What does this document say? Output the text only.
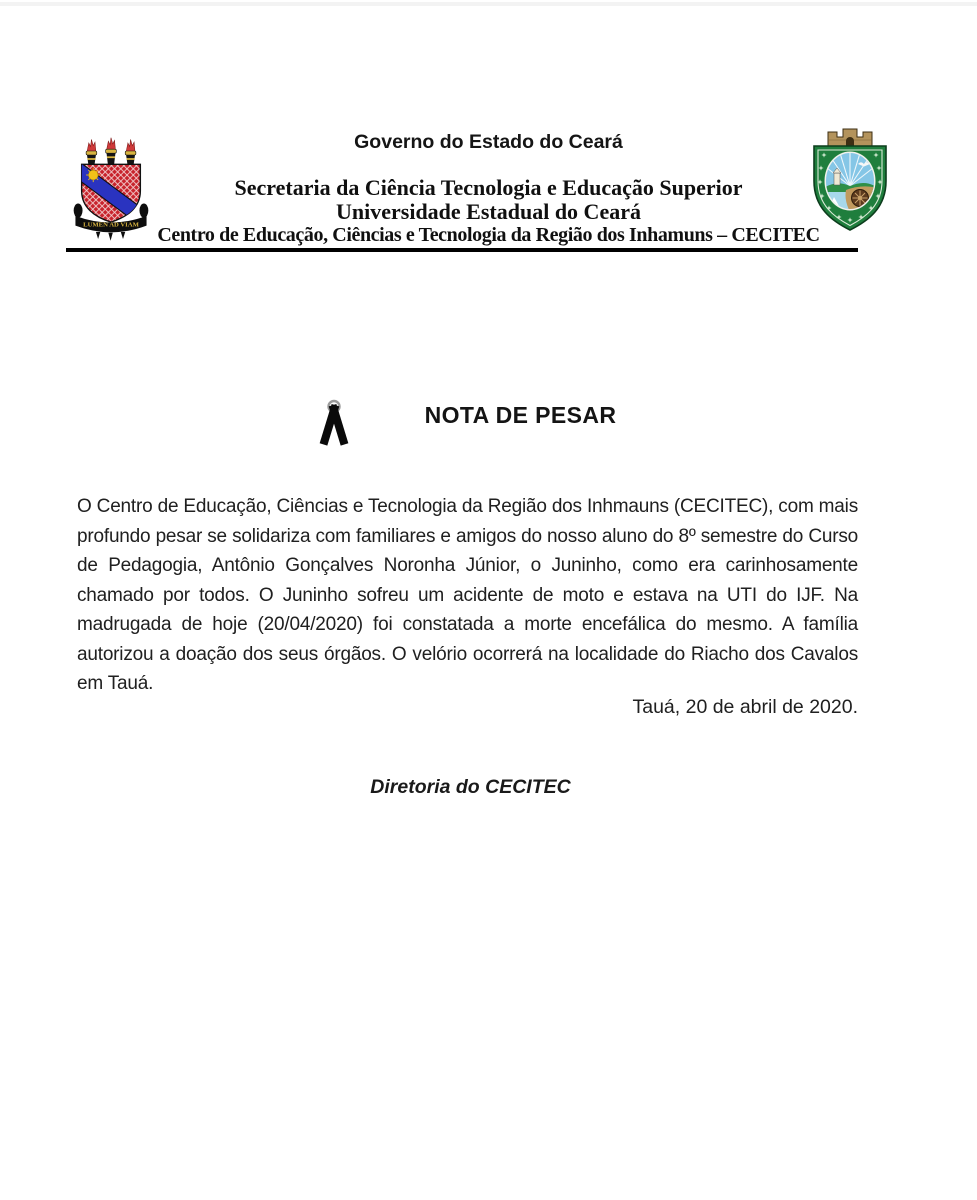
LUMEN AD VIAM
Governo do Estado do Ceará
Secretaria da Ciência Tecnologia e Educação Superior
Universidade Estadual do Ceará
Centro de Educação, Ciências e Tecnologia da Região dos Inhamuns – CECITEC
NOTA DE PESAR
O Centro de Educação, Ciências e Tecnologia da Região dos Inhmauns (CECITEC), com mais profundo pesar se solidariza com familiares e amigos do nosso aluno do 8º semestre do Curso de Pedagogia, Antônio Gonçalves Noronha Júnior, o Juninho, como era carinhosamente chamado por todos. O Juninho sofreu um acidente de moto e estava na UTI do IJF. Na madrugada de hoje (20/04/2020) foi constatada a morte encefálica do mesmo. A família autorizou a doação dos seus órgãos. O velório ocorrerá na localidade do Riacho dos Cavalos em Tauá.
Tauá, 20 de abril de 2020.
Diretoria do CECITEC
